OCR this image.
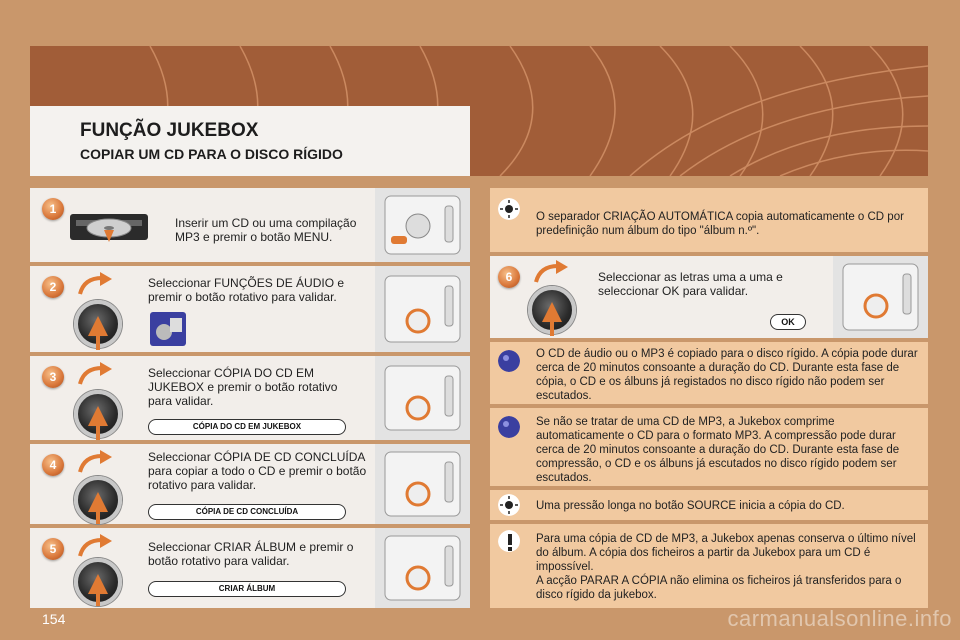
FUNÇÃO JUKEBOX
COPIAR UM CD PARA O DISCO RÍGIDO
1
Inserir um CD ou uma compilação MP3 e premir o botão MENU.
2	Seleccionar FUNÇÕES DE ÁUDIO e premir o botão rotativo para validar.
3	Seleccionar CÓPIA DO CD EM JUKEBOX e premir o botão rotativo para validar.
CÓPIA DO CD EM JUKEBOX
4
Seleccionar CÓPIA DE CD CONCLUÍDA para copiar a todo o CD e premir o botão rotativo para validar.
CÓPIA DE CD CONCLUÍDA
5	Seleccionar CRIAR ÁLBUM e premir o botão rotativo para validar.
CRIAR ÁLBUM
O separador CRIAÇÃO AUTOMÁTICA copia automaticamente o CD por predefinição num álbum do tipo "álbum n.º".
6	Seleccionar as letras uma a uma e seleccionar OK para validar.
OK
O CD de áudio ou o MP3 é copiado para o disco rígido. A cópia pode durar cerca de 20 minutos consoante a duração do CD. Durante esta fase de cópia, o CD e os álbuns já registados no disco rígido não podem ser escutados.
Se não se tratar de uma CD de MP3, a Jukebox comprime automaticamente o CD para o formato MP3. A compressão pode durar cerca de 20 minutos consoante a duração do CD. Durante esta fase de compressão, o CD e os álbuns já escutados no disco rígido podem ser escutados.
Uma pressão longa no botão SOURCE inicia a cópia do CD.
Para uma cópia de CD de MP3, a Jukebox apenas conserva o último nível do álbum. A cópia dos ficheiros a partir da Jukebox para um CD é impossível.
A acção PARAR A CÓPIA não elimina os ficheiros já transferidos para o disco rígido da jukebox.
154	carmanualsonline.info
